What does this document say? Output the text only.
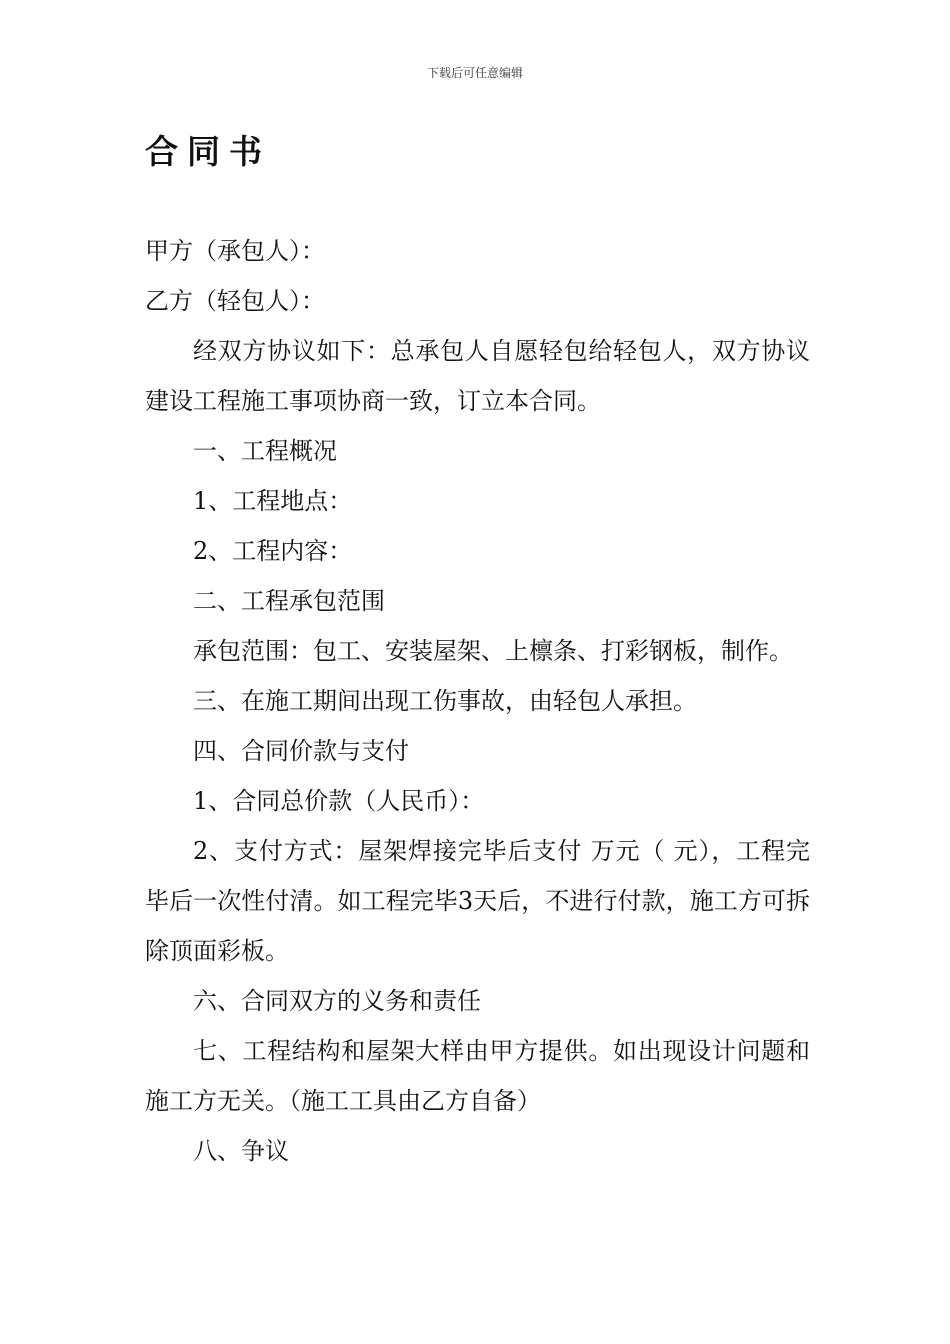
下载后可任意编辑
合同书

甲方（承包人）：

乙方（轻包人）：

经双方协议如下：总承包人自愿轻包给轻包人，双方协议建设工程施工事项协商一致，订立本合同。

一、工程概况

1、工程地点：

2、工程内容：

二、工程承包范围

承包范围：包工、安装屋架、上檩条、打彩钢板，制作。

三、在施工期间出现工伤事故，由轻包人承担。

四、合同价款与支付

1、合同总价款（人民币）：

2、支付方式：屋架焊接完毕后支付 万元（ 元），工程完毕后一次性付清。如工程完毕3天后，不进行付款，施工方可拆除顶面彩板。

六、合同双方的义务和责任

七、工程结构和屋架大样由甲方提供。如出现设计问题和施工方无关。（施工工具由乙方自备）

八、争议
